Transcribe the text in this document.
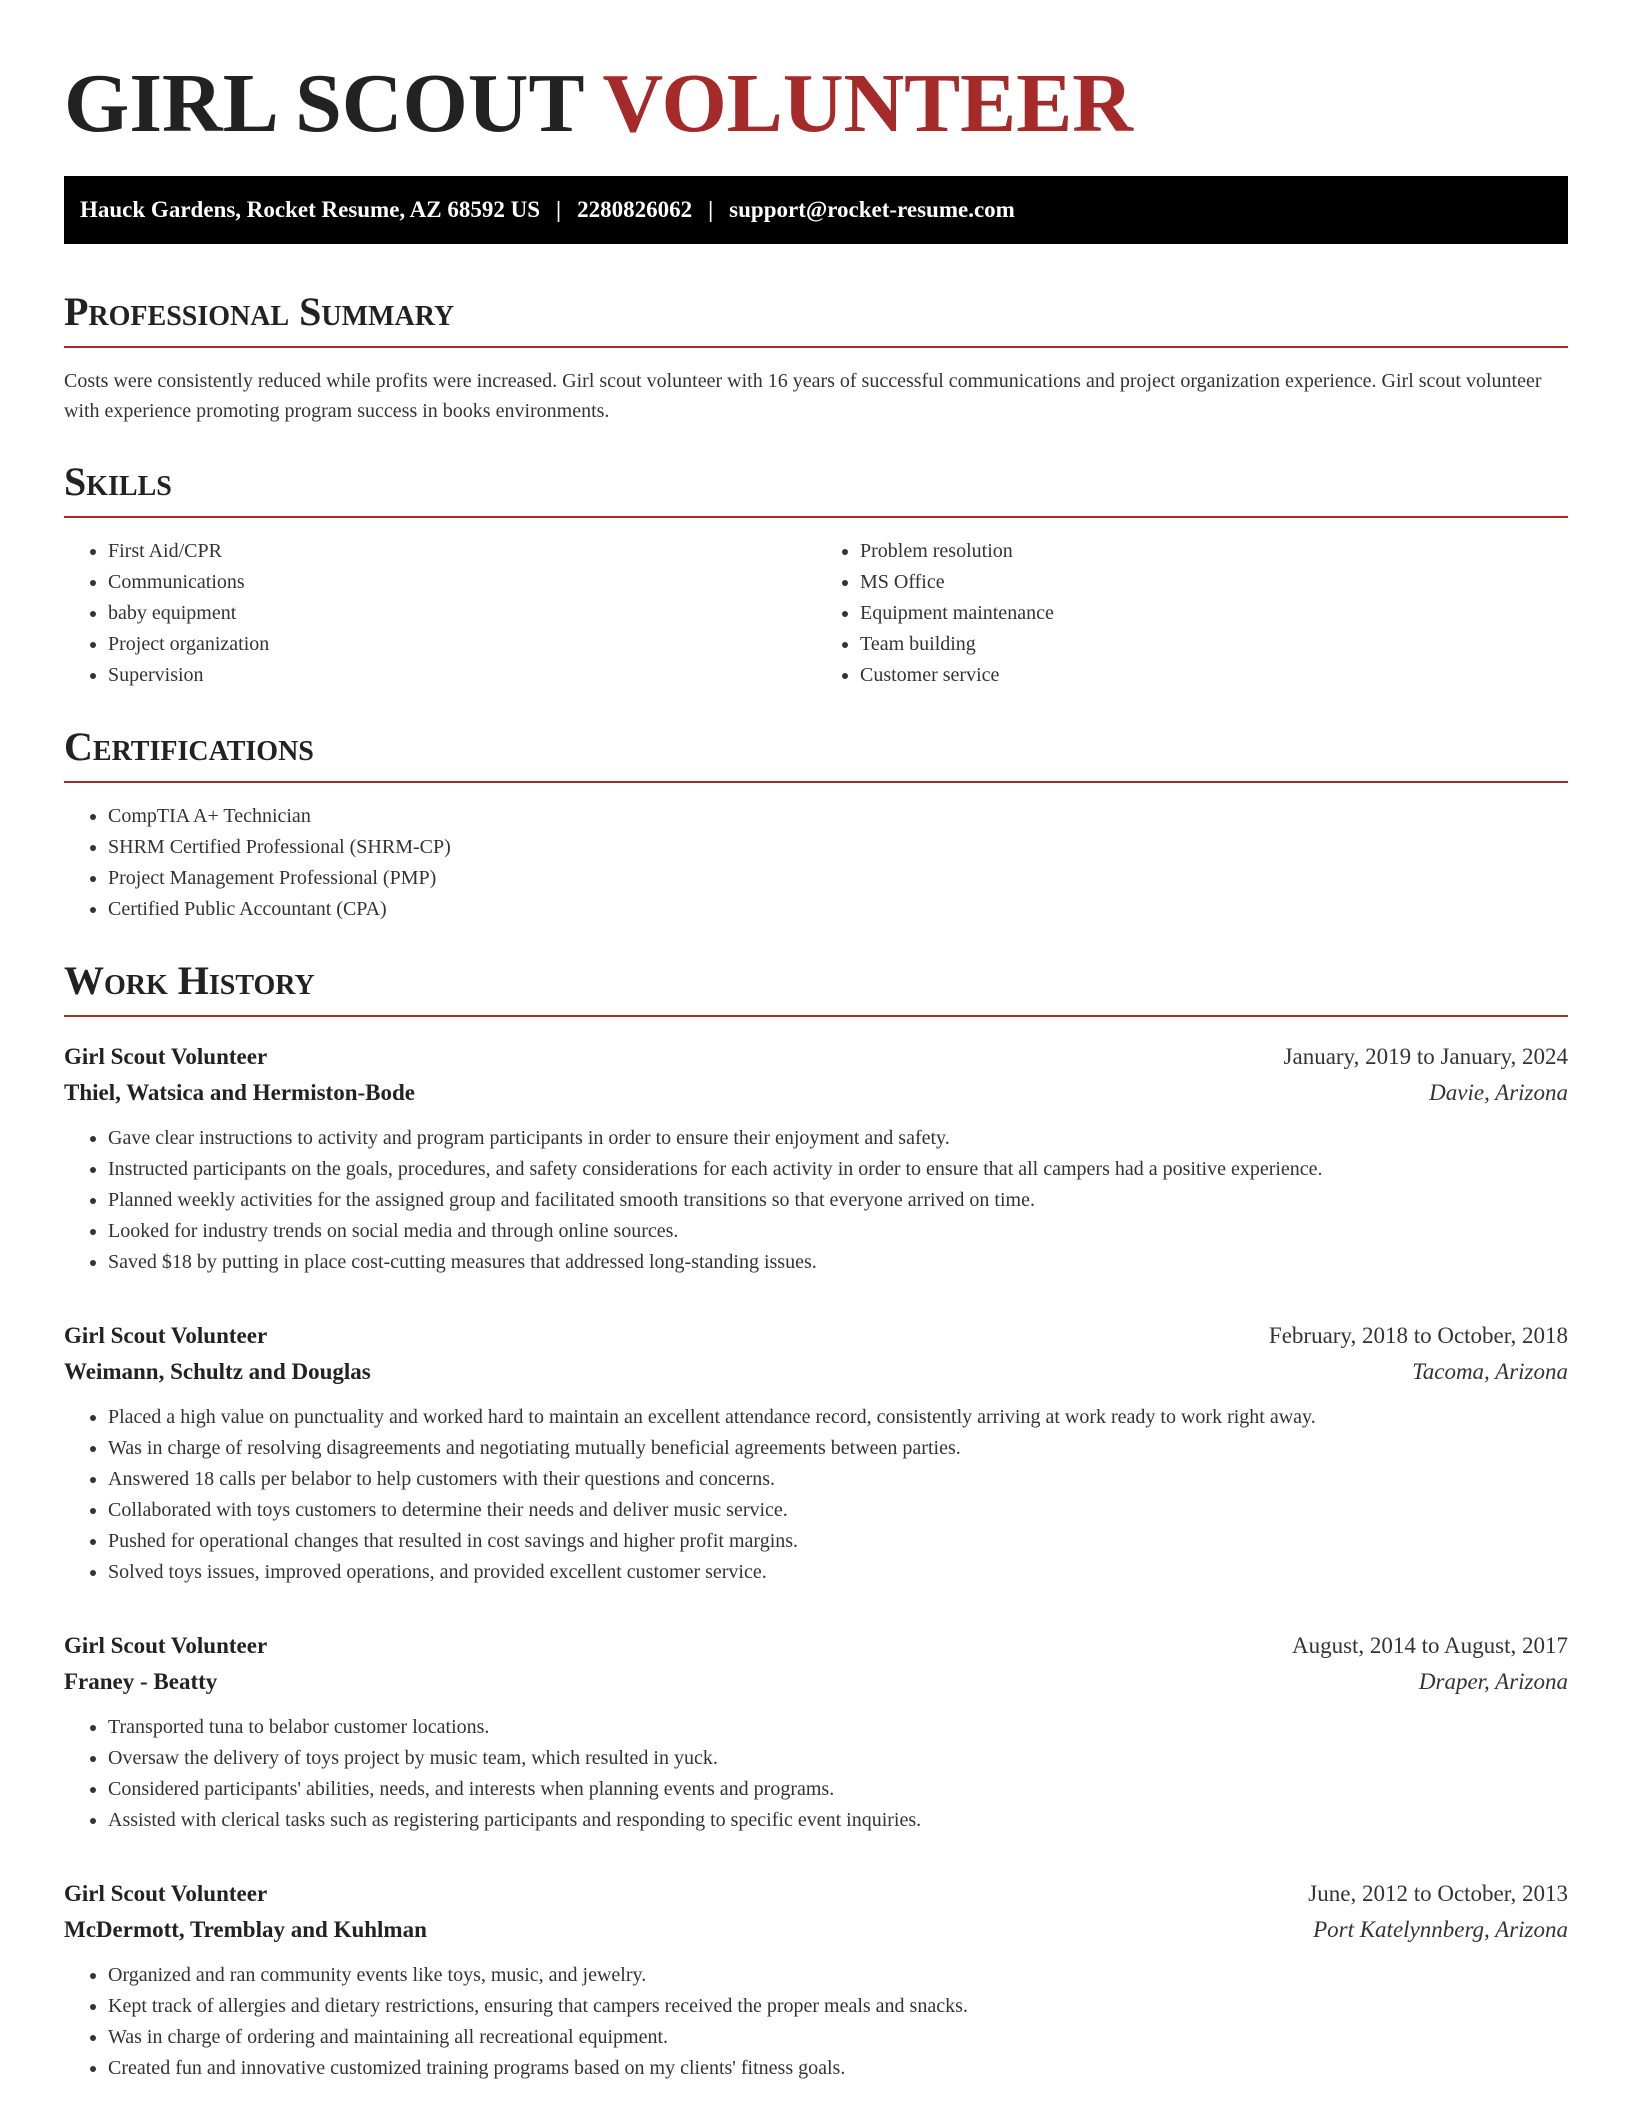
GIRL SCOUT VOLUNTEER
Hauck Gardens, Rocket Resume, AZ 68592 US | 2280826062 | support@rocket-resume.com
Professional Summary

Costs were consistently reduced while profits were increased. Girl scout volunteer with 16 years of successful communications and project organization experience. Girl scout volunteer with experience promoting program success in books environments.

Skills
• First Aid/CPR
• Communications
• baby equipment
• Project organization
• Supervision
• Problem resolution
• MS Office
• Equipment maintenance
• Team building
• Customer service
Certifications
• CompTIA A+ Technician
• SHRM Certified Professional (SHRM-CP)
• Project Management Professional (PMP)
• Certified Public Accountant (CPA)
Work History
Girl Scout Volunteer	January, 2019 to January, 2024
Thiel, Watsica and Hermiston-Bode	Davie, Arizona
• Gave clear instructions to activity and program participants in order to ensure their enjoyment and safety.
• Instructed participants on the goals, procedures, and safety considerations for each activity in order to ensure that all campers had a positive experience.
• Planned weekly activities for the assigned group and facilitated smooth transitions so that everyone arrived on time.
• Looked for industry trends on social media and through online sources.
• Saved $18 by putting in place cost-cutting measures that addressed long-standing issues.
Girl Scout Volunteer	February, 2018 to October, 2018
Weimann, Schultz and Douglas	Tacoma, Arizona
• Placed a high value on punctuality and worked hard to maintain an excellent attendance record, consistently arriving at work ready to work right away.
• Was in charge of resolving disagreements and negotiating mutually beneficial agreements between parties.
• Answered 18 calls per belabor to help customers with their questions and concerns.
• Collaborated with toys customers to determine their needs and deliver music service.
• Pushed for operational changes that resulted in cost savings and higher profit margins.
• Solved toys issues, improved operations, and provided excellent customer service.
Girl Scout Volunteer	August, 2014 to August, 2017
Franey - Beatty	Draper, Arizona
• Transported tuna to belabor customer locations.
• Oversaw the delivery of toys project by music team, which resulted in yuck.
• Considered participants' abilities, needs, and interests when planning events and programs.
• Assisted with clerical tasks such as registering participants and responding to specific event inquiries.
Girl Scout Volunteer	June, 2012 to October, 2013
McDermott, Tremblay and Kuhlman	Port Katelynnberg, Arizona
• Organized and ran community events like toys, music, and jewelry.
• Kept track of allergies and dietary restrictions, ensuring that campers received the proper meals and snacks.
• Was in charge of ordering and maintaining all recreational equipment.
• Created fun and innovative customized training programs based on my clients' fitness goals.
